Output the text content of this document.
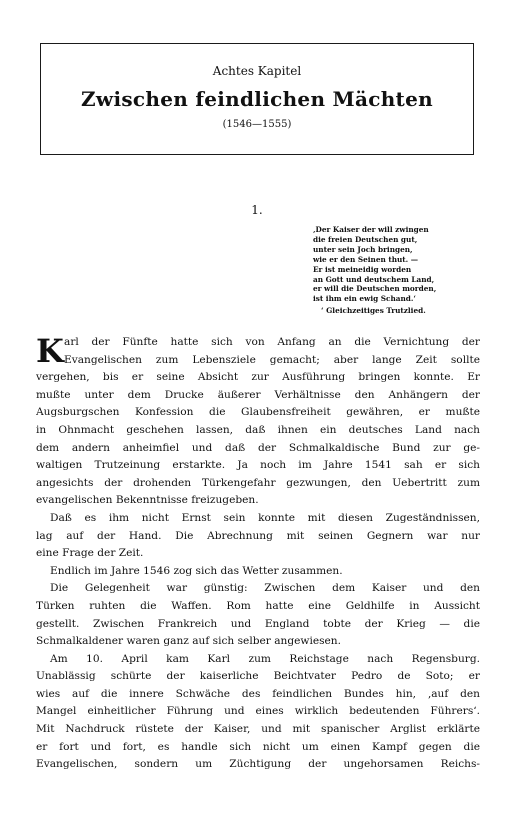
Achtes Kapitel
Zwischen feindlichen Mächten
(1546—1555)
1.
‚Der Kaiser der will zwingen
die freien Deutschen gut,
unter sein Joch bringen,
wie er den Seinen thut. —
Er ist meineidig worden
an Gott und deutschem Land,
er will die Deutschen morden,
ist ihm ein ewig Schand.‘
‘ Gleichzeitiges Trutzlied.
K arl der Fünfte hatte sich von Anfang an die Vernichtung der
Evangelischen zum Lebensziele gemacht; aber lange Zeit sollte
vergehen, bis er seine Absicht zur Ausführung bringen konnte. Er
mußte unter dem Drucke äußerer Verhältnisse den Anhängern der
Augsburgschen Konfession die Glaubensfreiheit gewähren, er mußte
in Ohnmacht geschehen lassen, daß ihnen ein deutsches Land nach
dem andern anheimfiel und daß der Schmalkaldische Bund zur ge-
waltigen Trutzeinung erstarkte. Ja noch im Jahre 1541 sah er sich
angesichts der drohenden Türkengefahr gezwungen, den Uebertritt zum
evangelischen Bekenntnisse freizugeben.
Daß es ihm nicht Ernst sein konnte mit diesen Zugeständnissen,
lag auf der Hand. Die Abrechnung mit seinen Gegnern war nur
eine Frage der Zeit.
Endlich im Jahre 1546 zog sich das Wetter zusammen.
Die Gelegenheit war günstig: Zwischen dem Kaiser und den
Türken ruhten die Waffen. Rom hatte eine Geldhilfe in Aussicht
gestellt. Zwischen Frankreich und England tobte der Krieg — die
Schmalkaldener waren ganz auf sich selber angewiesen.
Am 10. April kam Karl zum Reichstage nach Regensburg.
Unablässig schürte der kaiserliche Beichtvater Pedro de Soto; er
wies auf die innere Schwäche des feindlichen Bundes hin, ‚auf den
Mangel einheitlicher Führung und eines wirklich bedeutenden Führers‘.
Mit Nachdruck rüstete der Kaiser, und mit spanischer Arglist erklärte
er fort und fort, es handle sich nicht um einen Kampf gegen die
Evangelischen, sondern um Züchtigung der ungehorsamen Reichs-
